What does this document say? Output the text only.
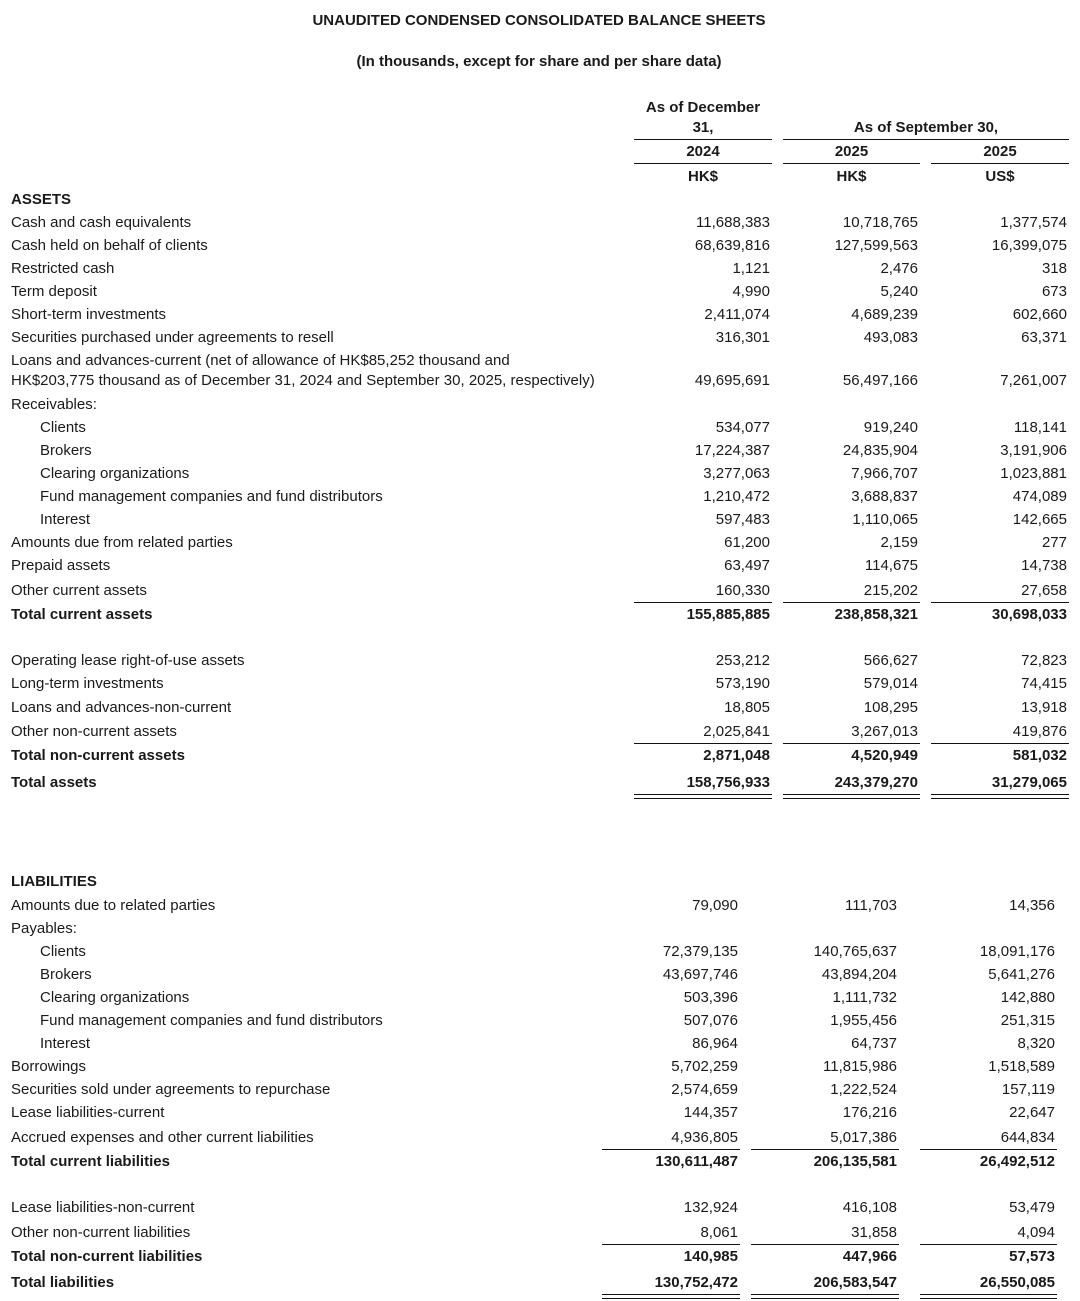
UNAUDITED CONDENSED CONSOLIDATED BALANCE SHEETS
(In thousands, except for share and per share data)
As of December
31,	As of September 30,
2024	2025	2025
HK$	HK$	US$
ASSETS
LIABILITIES
Cash and cash equivalents	11,688,383	10,718,765	1,377,574
Cash held on behalf of clients	68,639,816	127,599,563	16,399,075
Restricted cash	1,121	2,476	318
Term deposit	4,990	5,240	673
Short-term investments	2,411,074	4,689,239	602,660
Securities purchased under agreements to resell	316,301	493,083	63,371
Loans and advances-current (net of allowance of HK$85,252 thousand and
HK$203,775 thousand as of December 31, 2024 and September 30, 2025, respectively)	49,695,691	56,497,166	7,261,007
Receivables:
Clients	534,077	919,240	118,141
Brokers	17,224,387	24,835,904	3,191,906
Clearing organizations	3,277,063	7,966,707	1,023,881
Fund management companies and fund distributors	1,210,472	3,688,837	474,089
Interest	597,483	1,110,065	142,665
Amounts due from related parties	61,200	2,159	277
Prepaid assets	63,497	114,675	14,738
Other current assets	160,330	215,202	27,658
Total current assets	155,885,885	238,858,321	30,698,033
Operating lease right-of-use assets	253,212	566,627	72,823
Long-term investments	573,190	579,014	74,415
Loans and advances-non-current	18,805	108,295	13,918
Other non-current assets	2,025,841	3,267,013	419,876
Total non-current assets	2,871,048	4,520,949	581,032
Total assets	158,756,933	243,379,270	31,279,065
Amounts due to related parties	79,090	111,703	14,356
Payables:
Clients	72,379,135	140,765,637	18,091,176
Brokers	43,697,746	43,894,204	5,641,276
Clearing organizations	503,396	1,111,732	142,880
Fund management companies and fund distributors	507,076	1,955,456	251,315
Interest	86,964	64,737	8,320
Borrowings	5,702,259	11,815,986	1,518,589
Securities sold under agreements to repurchase	2,574,659	1,222,524	157,119
Lease liabilities-current	144,357	176,216	22,647
Accrued expenses and other current liabilities	4,936,805	5,017,386	644,834
Total current liabilities	130,611,487	206,135,581	26,492,512
Lease liabilities-non-current	132,924	416,108	53,479
Other non-current liabilities	8,061	31,858	4,094
Total non-current liabilities	140,985	447,966	57,573
Total liabilities	130,752,472	206,583,547	26,550,085
